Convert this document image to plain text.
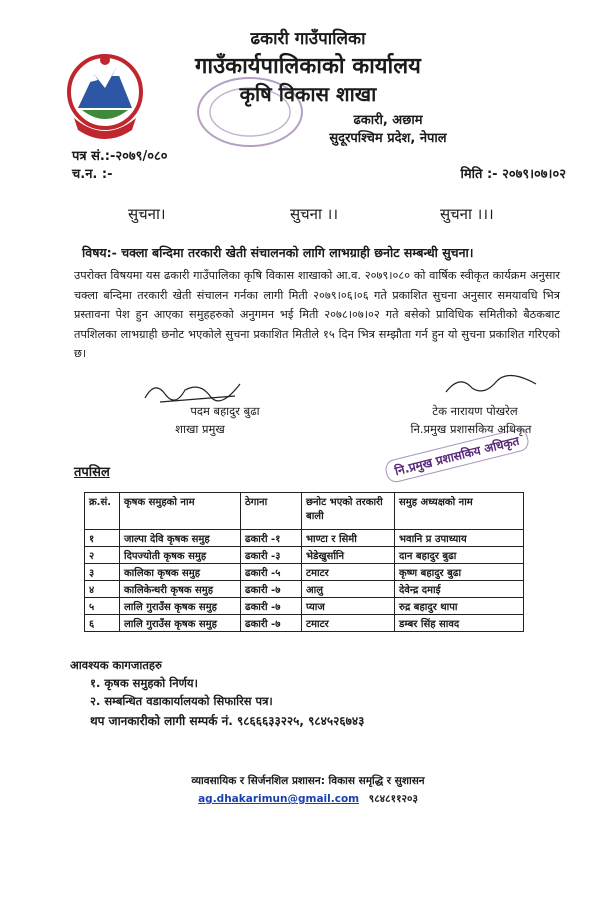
ढकारी गाउँपालिका
गाउँकार्यपालिकाको कार्यालय
कृषि विकास शाखा
ढकारी, अछाम
सुदूरपश्चिम प्रदेश, नेपाल
पत्र सं.:-२०७९/०८०
च.न. :-	मिति :- २०७९।०७।०२
सुचना।	सुचना ।।	सुचना ।।।
विषय:- चक्ला बन्दिमा तरकारी खेती संचालनको लागि लाभग्राही छनोट सम्बन्धी सुचना।
उपरोक्त विषयमा यस ढकारी गाउँपालिका कृषि विकास शाखाको आ.व. २०७९।०८० को वार्षिक स्वीकृत कार्यक्रम अनुसार चक्ला बन्दिमा तरकारी खेती संचालन गर्नका लागी मिती २०७९।०६।०६ गते प्रकाशित सुचना अनुसार समयावधि भित्र प्रस्तावना पेश हुन आएका समुहहरुको अनुगमन भई मिती २०७८।०७।०२ गते बसेको प्राविधिक समितीको बैठकबाट तपशिलका लाभग्राही छनोट भएकोले सुचना प्रकाशित मितीले १५ दिन भित्र सम्झौता गर्न हुन यो सुचना प्रकाशित गरिएको छ।
पदम बहादुर बुढा
शाखा प्रमुख
टेक नारायण पोखरेल
नि.प्रमुख प्रशासकिय अधिकृत
नि.प्रमुख प्रशासकिय अधिकृत
तपसिल
क्र.सं.	कृषक समुहको नाम	ठेगाना	छनोट भएको तरकारी बाली	समुह अध्यक्षको नाम
१	जाल्पा देवि कृषक समुह	ढकारी -१	भाण्टा र सिमी	भवानि प्र उपाध्याय
२	दिपज्योती कृषक समुह	ढकारी -३	भेडेखुर्सानि	दान बहादुर बुढा
३	कालिका कृषक समुह	ढकारी -५	टमाटर	कृष्ण बहादुर बुढा
४	कालिकेन्धरी कृषक समुह	ढकारी -७	आलु	देवेन्द्र दमाई
५	लालि गुराउँस कृषक समुह	ढकारी -७	प्याज	रुद्र बहादुर थापा
६	लालि गुराउँस कृषक समुह	ढकारी -७	टमाटर	डम्बर सिंह सावद
आवश्यक कागजातहरु
१. कृषक समुहको निर्णय।
२. सम्बन्धित वडाकार्यालयको सिफारिस पत्र।
थप जानकारीको लागी सम्पर्क नं. ९८६६६३३२२५, ९८४५२६७४३
व्यावसायिक र सिर्जनशिल प्रशासन: विकास समृद्धि र सुशासन
ag.dhakarimun@gmail.com ९८४८११२०३
